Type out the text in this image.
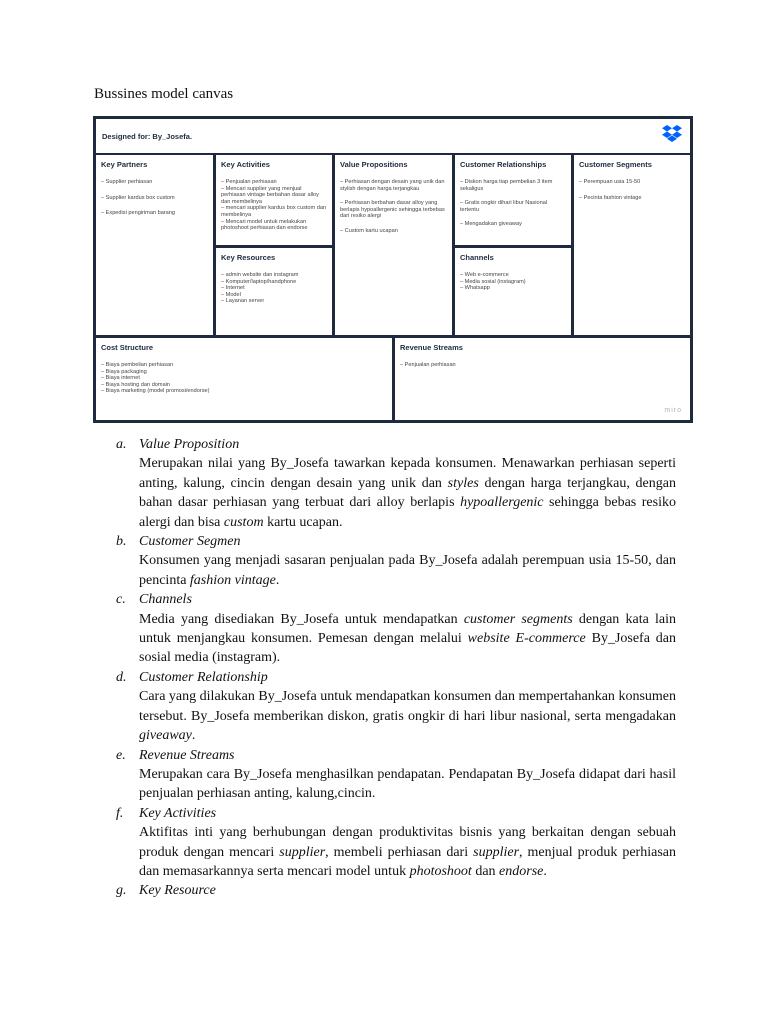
Bussines model canvas
Designed for: By_Josefa.
Key Partners
– Supplier perhiasan
– Supplier kardus box custom
– Expedisi pengiriman barang
Key Activities
– Penjualan perhiasan
– Mencari supplier yang menjual perhiasan vintage berbahan dasar alloy dan membelinya
– mencari supplier kardus box custom dan membelinya
– Mencari model untuk melakukan photoshoot perhiasan dan endorse
Key Resources
– admin website dan instagram
– Komputer/laptop/handphone
– Internet
– Model
– Layanan server
Value Propositions
– Perhiasan dengan desain yang unik dan stylish dengan harga terjangkau
– Perhiasan berbahan dasar alloy yang berlapis hypoallergenic sehingga terbebas dari resiko alergi
– Custom kartu ucapan
Customer Relationships
– Diskon harga tiap pembelian 3 item sekaligus
– Gratis ongkir dihari libur Nasional tertentu
– Mengadakan giveaway
Channels
– Web e-commerce
– Media sosial (instagram)
– Whatsapp
Customer Segments
– Perempuan usia 15-50
– Pecinta fashion vintage
Cost Structure
– Biaya pembelian perhiasan
– Biaya packaging
– Biaya internet
– Biaya hosting dan domain
– Biaya marketing (model promosi/endorse)
Revenue Streams
– Penjualan perhiasan
miro
a. Value Proposition
Merupakan nilai yang By_Josefa tawarkan kepada konsumen. Menawarkan perhiasan seperti anting, kalung, cincin dengan desain yang unik dan styles dengan harga terjangkau, dengan bahan dasar perhiasan yang terbuat dari alloy berlapis hypoallergenic sehingga bebas resiko alergi dan bisa custom kartu ucapan.
b. Customer Segmen
Konsumen yang menjadi sasaran penjualan pada By_Josefa adalah perempuan usia 15-50, dan pencinta fashion vintage.
c. Channels
Media yang disediakan By_Josefa untuk mendapatkan customer segments dengan kata lain untuk menjangkau konsumen. Pemesan dengan melalui website E-commerce By_Josefa dan sosial media (instagram).
d. Customer Relationship
Cara yang dilakukan By_Josefa untuk mendapatkan konsumen dan mempertahankan konsumen tersebut. By_Josefa memberikan diskon, gratis ongkir di hari libur nasional, serta mengadakan giveaway.
e. Revenue Streams
Merupakan cara By_Josefa menghasilkan pendapatan. Pendapatan By_Josefa didapat dari hasil penjualan perhiasan anting, kalung,cincin.
f. Key Activities
Aktifitas inti yang berhubungan dengan produktivitas bisnis yang berkaitan dengan sebuah produk dengan mencari supplier, membeli perhiasan dari supplier, menjual produk perhiasan dan memasarkannya serta mencari model untuk photoshoot dan endorse.
g. Key Resource
